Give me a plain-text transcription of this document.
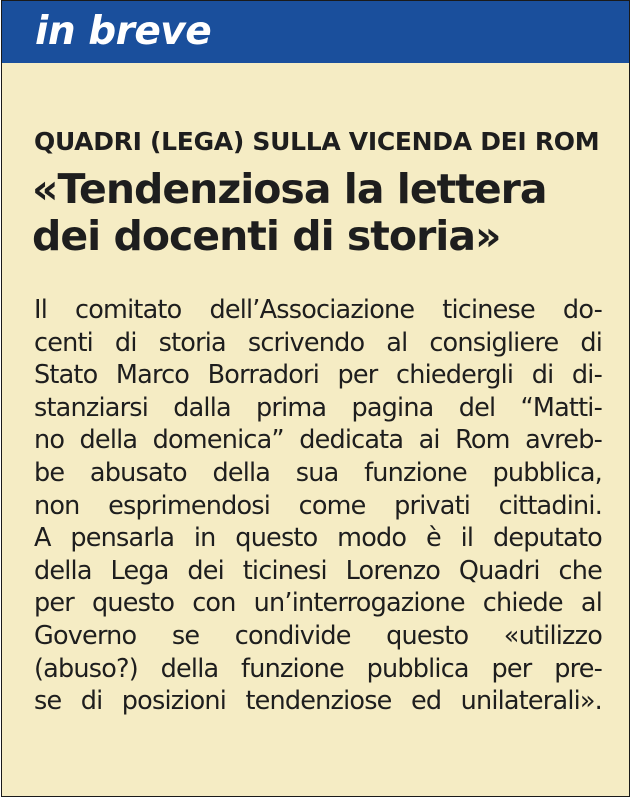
in breve
QUADRI (LEGA) SULLA VICENDA DEI ROM
«Tendenziosa la lettera
dei docenti di storia»
Il comitato dell’Associazione ticinese do-
centi di storia scrivendo al consigliere di
Stato Marco Borradori per chiedergli di di-
stanziarsi dalla prima pagina del “Matti-
no della domenica” dedicata ai Rom avreb-
be abusato della sua funzione pubblica,
non esprimendosi come privati cittadini.
A pensarla in questo modo è il deputato
della Lega dei ticinesi Lorenzo Quadri che
per questo con un’interrogazione chiede al
Governo se condivide questo «utilizzo
(abuso?) della funzione pubblica per pre-
se di posizioni tendenziose ed unilaterali».
